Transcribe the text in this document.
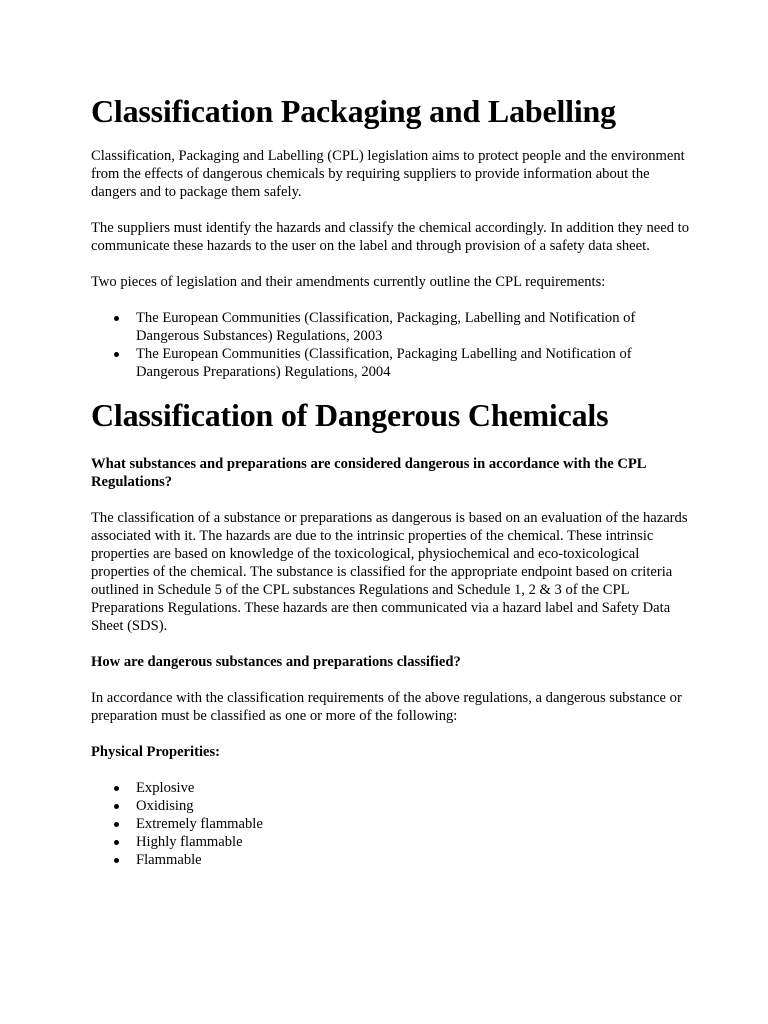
Classification Packaging and Labelling

Classification, Packaging and Labelling (CPL) legislation aims to protect people and the environment from the effects of dangerous chemicals by requiring suppliers to provide information about the dangers and to package them safely.

The suppliers must identify the hazards and classify the chemical accordingly. In addition they need to communicate these hazards to the user on the label and through provision of a safety data sheet.

Two pieces of legislation and their amendments currently outline the CPL requirements:

The European Communities (Classification, Packaging, Labelling and Notification of Dangerous Substances) Regulations, 2003
The European Communities (Classification, Packaging Labelling and Notification of Dangerous Preparations) Regulations, 2004
Classification of Dangerous Chemicals

What substances and preparations are considered dangerous in accordance with the CPL Regulations?

The classification of a substance or preparations as dangerous is based on an evaluation of the hazards associated with it. The hazards are due to the intrinsic properties of the chemical. These intrinsic properties are based on knowledge of the toxicological, physiochemical and eco-toxicological properties of the chemical. The substance is classified for the appropriate endpoint based on criteria outlined in Schedule 5 of the CPL substances Regulations and Schedule 1, 2 & 3 of the CPL Preparations Regulations. These hazards are then communicated via a hazard label and Safety Data Sheet (SDS).

How are dangerous substances and preparations classified?

In accordance with the classification requirements of the above regulations, a dangerous substance or preparation must be classified as one or more of the following:

Physical Properities:

Explosive
Oxidising
Extremely flammable
Highly flammable
Flammable
